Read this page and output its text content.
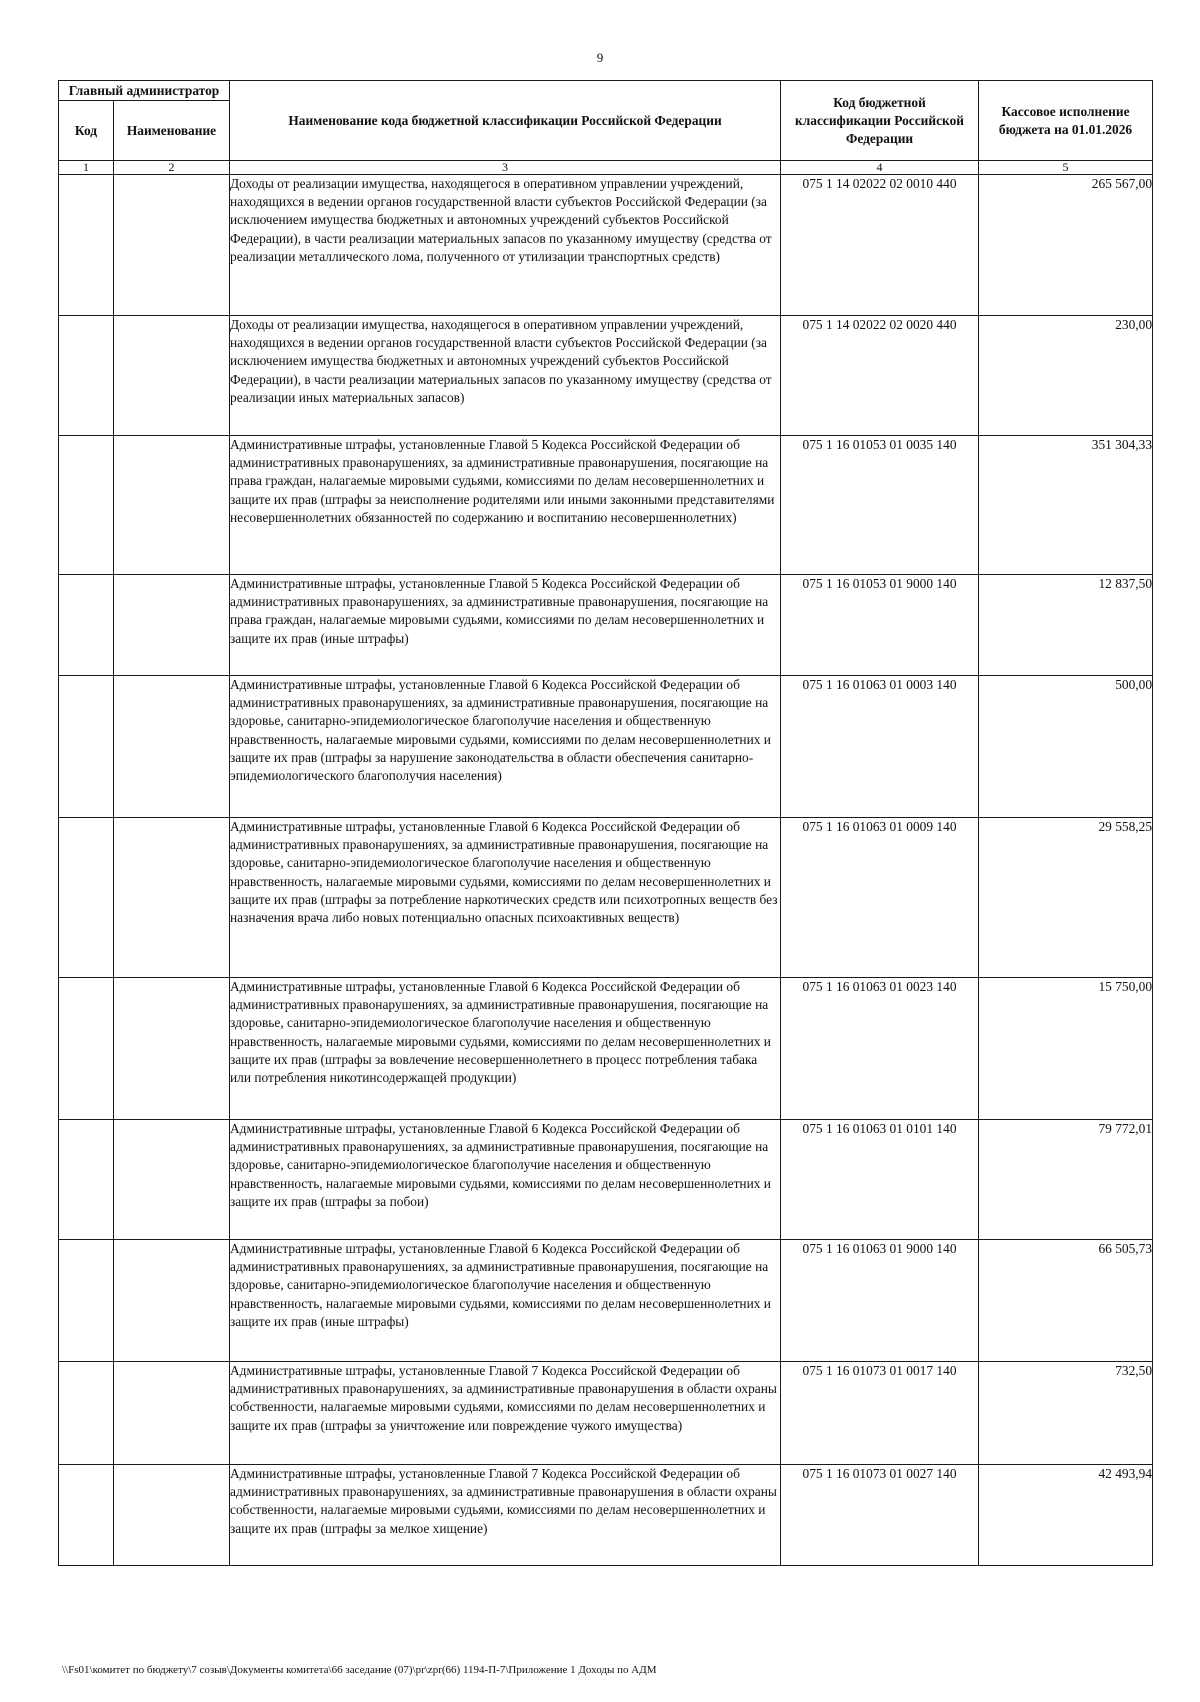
9
Главный администратор		Наименование кода бюджетной классификации Российской Федерации	Код бюджетной классификации Российской Федерации	Кассовое исполнение бюджета на 01.01.2026
Код	Наименование			
1	2	3	4	5
		Доходы от реализации имущества, находящегося в оперативном управлении учреждений, находящихся в ведении органов государственной власти субъектов Российской Федерации (за исключением имущества бюджетных и автономных учреждений субъектов Российской Федерации), в части реализации материальных запасов по указанному имуществу (средства от реализации металлического лома, полученного от утилизации транспортных средств)	075 1 14 02022 02 0010 440	265 567,00
		Доходы от реализации имущества, находящегося в оперативном управлении учреждений, находящихся в ведении органов государственной власти субъектов Российской Федерации (за исключением имущества бюджетных и автономных учреждений субъектов Российской Федерации), в части реализации материальных запасов по указанному имуществу (средства от реализации иных материальных запасов)	075 1 14 02022 02 0020 440	230,00
		Административные штрафы, установленные Главой 5 Кодекса Российской Федерации об административных правонарушениях, за административные правонарушения, посягающие на права граждан, налагаемые мировыми судьями, комиссиями по делам несовершеннолетних и защите их прав (штрафы за неисполнение родителями или иными законными представителями несовершеннолетних обязанностей по содержанию и воспитанию несовершеннолетних)	075 1 16 01053 01 0035 140	351 304,33
		Административные штрафы, установленные Главой 5 Кодекса Российской Федерации об административных правонарушениях, за административные правонарушения, посягающие на права граждан, налагаемые мировыми судьями, комиссиями по делам несовершеннолетних и защите их прав (иные штрафы)	075 1 16 01053 01 9000 140	12 837,50
		Административные штрафы, установленные Главой 6 Кодекса Российской Федерации об административных правонарушениях, за административные правонарушения, посягающие на здоровье, санитарно-эпидемиологическое благополучие населения и общественную нравственность, налагаемые мировыми судьями, комиссиями по делам несовершеннолетних и защите их прав (штрафы за нарушение законодательства в области обеспечения санитарно-эпидемиологического благополучия населения)	075 1 16 01063 01 0003 140	500,00
		Административные штрафы, установленные Главой 6 Кодекса Российской Федерации об административных правонарушениях, за административные правонарушения, посягающие на здоровье, санитарно-эпидемиологическое благополучие населения и общественную нравственность, налагаемые мировыми судьями, комиссиями по делам несовершеннолетних и защите их прав (штрафы за потребление наркотических средств или психотропных веществ без назначения врача либо новых потенциально опасных психоактивных веществ)	075 1 16 01063 01 0009 140	29 558,25
		Административные штрафы, установленные Главой 6 Кодекса Российской Федерации об административных правонарушениях, за административные правонарушения, посягающие на здоровье, санитарно-эпидемиологическое благополучие населения и общественную нравственность, налагаемые мировыми судьями, комиссиями по делам несовершеннолетних и защите их прав (штрафы за вовлечение несовершеннолетнего в процесс потребления табака или потребления никотинсодержащей продукции)	075 1 16 01063 01 0023 140	15 750,00
		Административные штрафы, установленные Главой 6 Кодекса Российской Федерации об административных правонарушениях, за административные правонарушения, посягающие на здоровье, санитарно-эпидемиологическое благополучие населения и общественную нравственность, налагаемые мировыми судьями, комиссиями по делам несовершеннолетних и защите их прав (штрафы за побои)	075 1 16 01063 01 0101 140	79 772,01
		Административные штрафы, установленные Главой 6 Кодекса Российской Федерации об административных правонарушениях, за административные правонарушения, посягающие на здоровье, санитарно-эпидемиологическое благополучие населения и общественную нравственность, налагаемые мировыми судьями, комиссиями по делам несовершеннолетних и защите их прав (иные штрафы)	075 1 16 01063 01 9000 140	66 505,73
		Административные штрафы, установленные Главой 7 Кодекса Российской Федерации об административных правонарушениях, за административные правонарушения в области охраны собственности, налагаемые мировыми судьями, комиссиями по делам несовершеннолетних и защите их прав (штрафы за уничтожение или повреждение чужого имущества)	075 1 16 01073 01 0017 140	732,50
		Административные штрафы, установленные Главой 7 Кодекса Российской Федерации об административных правонарушениях, за административные правонарушения в области охраны собственности, налагаемые мировыми судьями, комиссиями по делам несовершеннолетних и защите их прав (штрафы за мелкое хищение)	075 1 16 01073 01 0027 140	42 493,94
\\Fs01\комитет по бюджету\7 созыв\Документы комитета\66 заседание (07)\pr\zpr(66) 1194-П-7\Приложение 1 Доходы по АДМ
